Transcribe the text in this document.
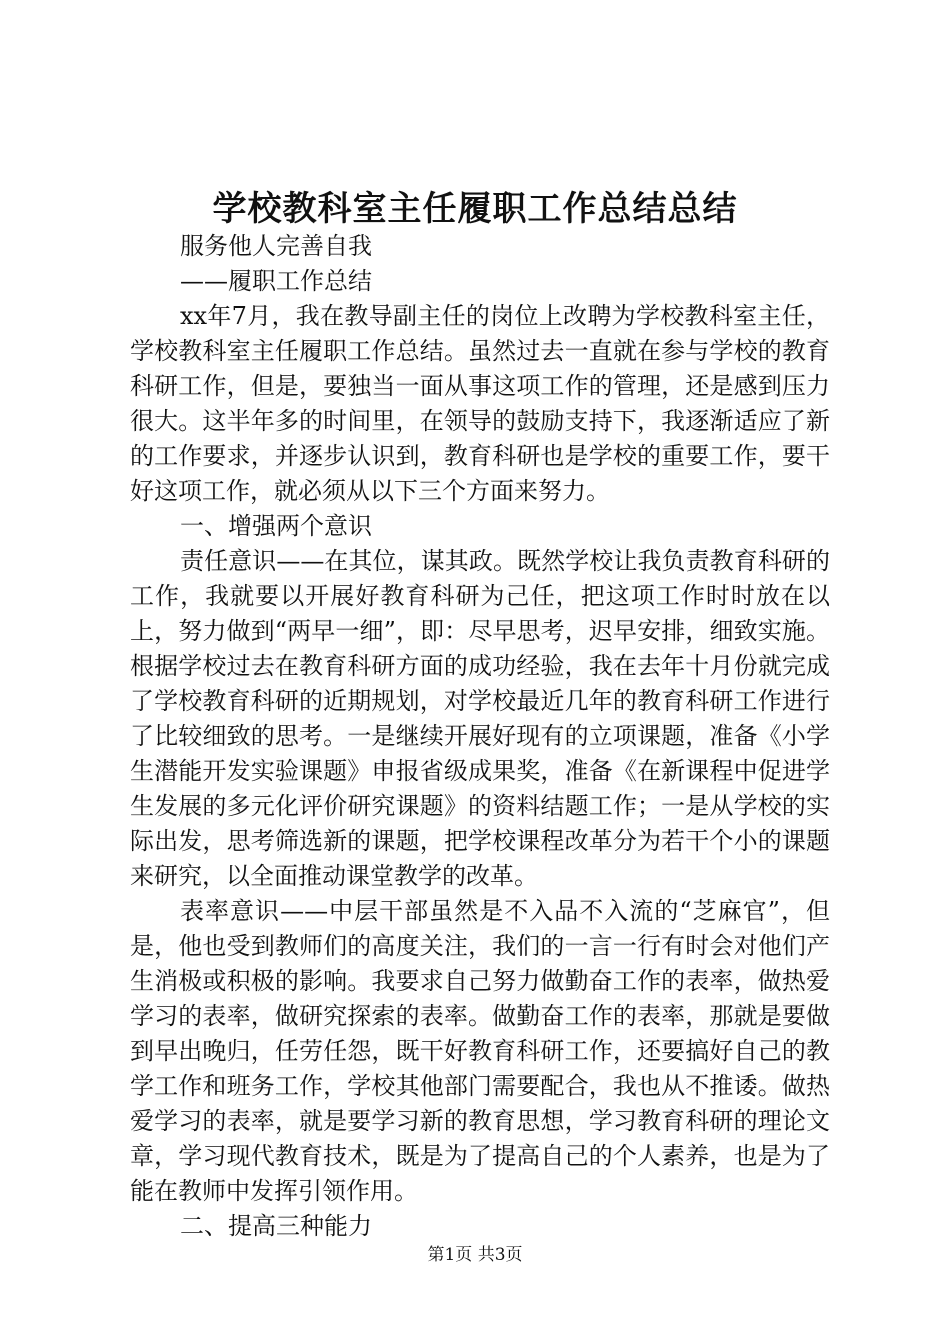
学校教科室主任履职工作总结总结

服务他人完善自我

——履职工作总结

xx年7月，我在教导副主任的岗位上改聘为学校教科室主任，学校教科室主任履职工作总结。虽然过去一直就在参与学校的教育科研工作，但是，要独当一面从事这项工作的管理，还是感到压力很大。这半年多的时间里，在领导的鼓励支持下，我逐渐适应了新的工作要求，并逐步认识到，教育科研也是学校的重要工作，要干好这项工作，就必须从以下三个方面来努力。

一、增强两个意识

责任意识——在其位，谋其政。既然学校让我负责教育科研的工作，我就要以开展好教育科研为己任，把这项工作时时放在以上，努力做到“两早一细”，即：尽早思考，迟早安排，细致实施。根据学校过去在教育科研方面的成功经验，我在去年十月份就完成了学校教育科研的近期规划，对学校最近几年的教育科研工作进行了比较细致的思考。一是继续开展好现有的立项课题，准备《小学生潜能开发实验课题》申报省级成果奖，准备《在新课程中促进学生发展的多元化评价研究课题》的资料结题工作；一是从学校的实际出发，思考筛选新的课题，把学校课程改革分为若干个小的课题来研究，以全面推动课堂教学的改革。

表率意识——中层干部虽然是不入品不入流的“芝麻官”，但是，他也受到教师们的高度关注，我们的一言一行有时会对他们产生消极或积极的影响。我要求自己努力做勤奋工作的表率，做热爱学习的表率，做研究探索的表率。做勤奋工作的表率，那就是要做到早出晚归，任劳任怨，既干好教育科研工作，还要搞好自己的教学工作和班务工作，学校其他部门需要配合，我也从不推诿。做热爱学习的表率，就是要学习新的教育思想，学习教育科研的理论文章，学习现代教育技术，既是为了提高自己的个人素养，也是为了能在教师中发挥引领作用。

二、提高三种能力

第1页 共3页
